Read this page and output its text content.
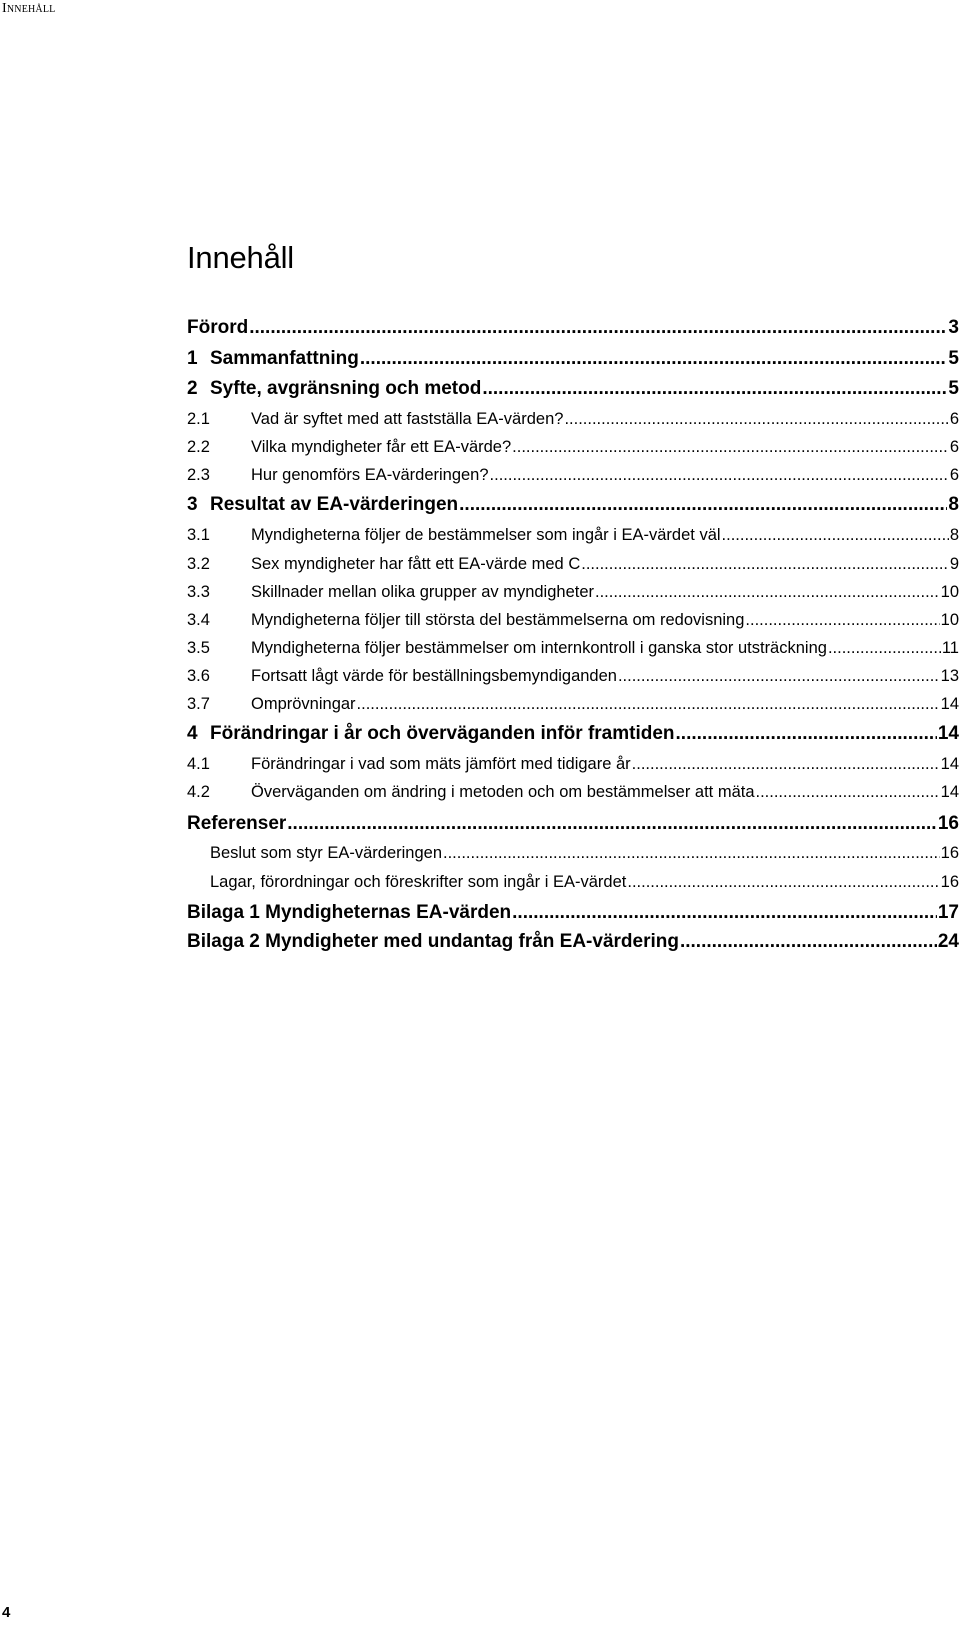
Innehåll
Innehåll
Förord .....	3
1 Sammanfattning .....	5
2 Syfte, avgränsning och metod .....	5
2.1	Vad är syftet med att fastställa EA-värden? .....	6
2.2	Vilka myndigheter får ett EA-värde? .....	6
2.3	Hur genomförs EA-värderingen? .....	6
3 Resultat av EA-värderingen .....	8
3.1	Myndigheterna följer de bestämmelser som ingår i EA-värdet väl .....	8
3.2	Sex myndigheter har fått ett EA-värde med C .....	9
3.3	Skillnader mellan olika grupper av myndigheter .....	10
3.4	Myndigheterna följer till största del bestämmelserna om redovisning .....	10
3.5	Myndigheterna följer bestämmelser om internkontroll i ganska stor utsträckning .....	11
3.6	Fortsatt lågt värde för beställningsbemyndiganden .....	13
3.7	Omprövningar .....	14
4 Förändringar i år och överväganden inför framtiden .....	14
4.1	Förändringar i vad som mäts jämfört med tidigare år .....	14
4.2	Överväganden om ändring i metoden och om bestämmelser att mäta .....	14
Referenser .....	16
Beslut som styr EA-värderingen .....	16
Lagar, förordningar och föreskrifter som ingår i EA-värdet .....	16
Bilaga 1 Myndigheternas EA-värden .....	17
Bilaga 2 Myndigheter med undantag från EA-värdering .....	24
4
